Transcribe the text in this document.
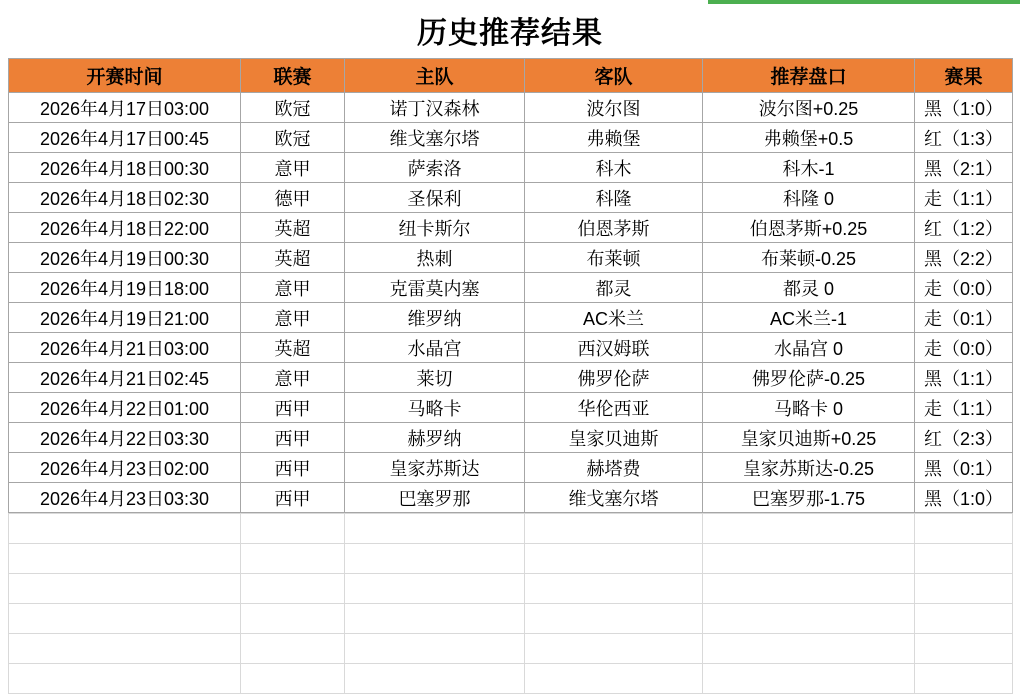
历史推荐结果
开赛时间	联赛	主队	客队	推荐盘口	赛果
2026年4月17日03:00	欧冠	诺丁汉森林	波尔图	波尔图+0.25	黑（1:0）
2026年4月17日00:45	欧冠	维戈塞尔塔	弗赖堡	弗赖堡+0.5	红（1:3）
2026年4月18日00:30	意甲	萨索洛	科木	科木-1	黑（2:1）
2026年4月18日02:30	德甲	圣保利	科隆	科隆 0	走（1:1）
2026年4月18日22:00	英超	纽卡斯尔	伯恩茅斯	伯恩茅斯+0.25	红（1:2）
2026年4月19日00:30	英超	热刺	布莱顿	布莱顿-0.25	黑（2:2）
2026年4月19日18:00	意甲	克雷莫内塞	都灵	都灵 0	走（0:0）
2026年4月19日21:00	意甲	维罗纳	AC米兰	AC米兰-1	走（0:1）
2026年4月21日03:00	英超	水晶宫	西汉姆联	水晶宫 0	走（0:0）
2026年4月21日02:45	意甲	莱切	佛罗伦萨	佛罗伦萨-0.25	黑（1:1）
2026年4月22日01:00	西甲	马略卡	华伦西亚	马略卡 0	走（1:1）
2026年4月22日03:30	西甲	赫罗纳	皇家贝迪斯	皇家贝迪斯+0.25	红（2:3）
2026年4月23日02:00	西甲	皇家苏斯达	赫塔费	皇家苏斯达-0.25	黑（0:1）
2026年4月23日03:30	西甲	巴塞罗那	维戈塞尔塔	巴塞罗那-1.75	黑（1:0）
